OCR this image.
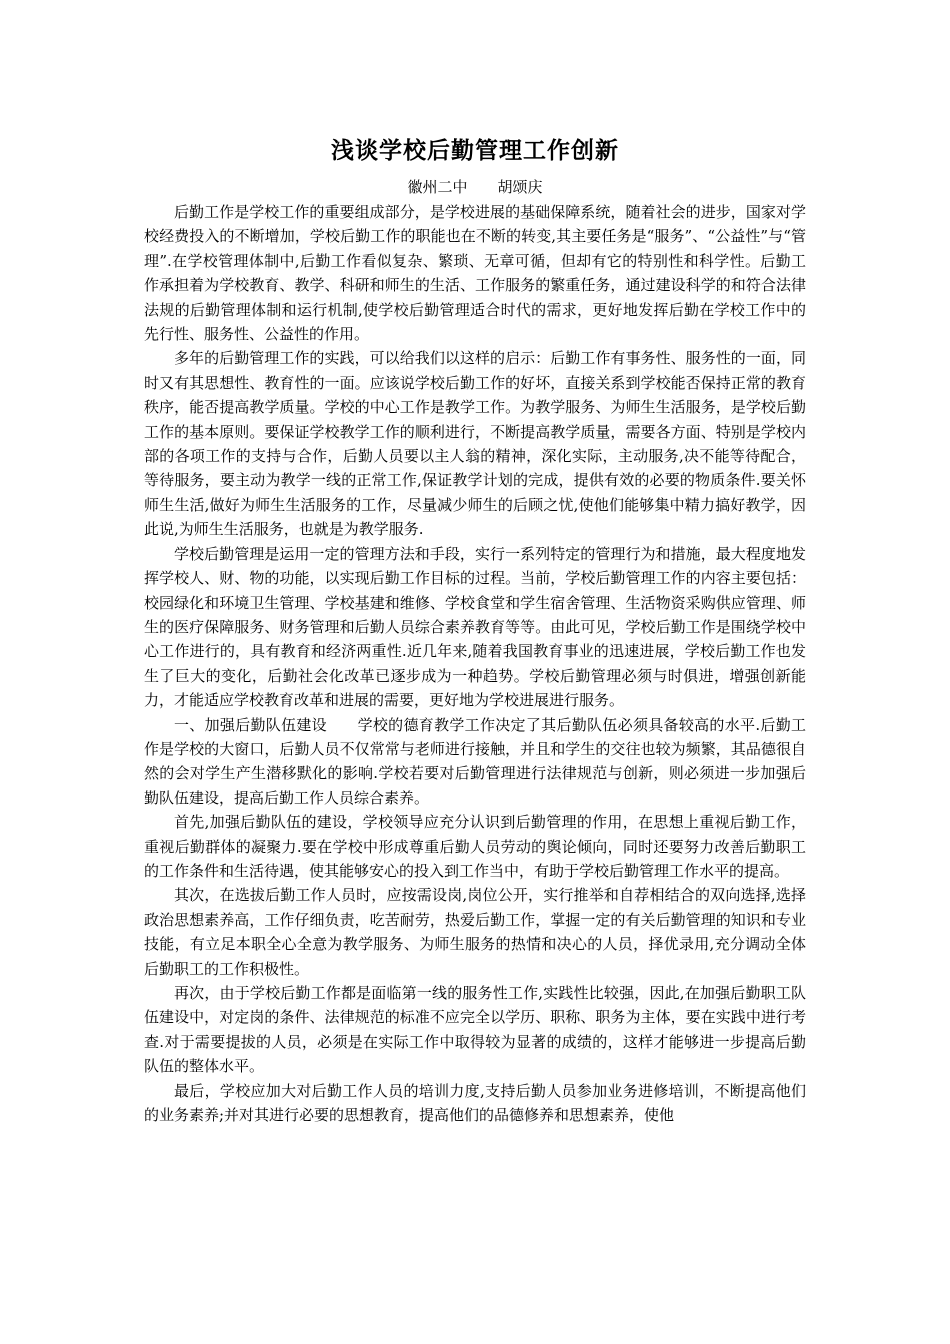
浅谈学校后勤管理工作创新
徽州二中　　胡颂庆

后勤工作是学校工作的重要组成部分，是学校进展的基础保障系统，随着社会的进步，国家对学校经费投入的不断增加，学校后勤工作的职能也在不断的转变,其主要任务是“服务”、“公益性”与“管理”.在学校管理体制中,后勤工作看似复杂、繁琐、无章可循，但却有它的特别性和科学性。后勤工作承担着为学校教育、教学、科研和师生的生活、工作服务的繁重任务，通过建设科学的和符合法律法规的后勤管理体制和运行机制,使学校后勤管理适合时代的需求，更好地发挥后勤在学校工作中的先行性、服务性、公益性的作用。

多年的后勤管理工作的实践，可以给我们以这样的启示：后勤工作有事务性、服务性的一面，同时又有其思想性、教育性的一面。应该说学校后勤工作的好坏，直接关系到学校能否保持正常的教育秩序，能否提高教学质量。学校的中心工作是教学工作。为教学服务、为师生生活服务，是学校后勤工作的基本原则。要保证学校教学工作的顺利进行，不断提高教学质量，需要各方面、特别是学校内部的各项工作的支持与合作，后勤人员要以主人翁的精神，深化实际，主动服务,决不能等待配合，等待服务，要主动为教学一线的正常工作,保证教学计划的完成，提供有效的必要的物质条件.要关怀师生生活,做好为师生生活服务的工作，尽量减少师生的后顾之忧,使他们能够集中精力搞好教学，因此说,为师生生活服务，也就是为教学服务.

学校后勤管理是运用一定的管理方法和手段，实行一系列特定的管理行为和措施，最大程度地发挥学校人、财、物的功能，以实现后勤工作目标的过程。当前，学校后勤管理工作的内容主要包括：校园绿化和环境卫生管理、学校基建和维修、学校食堂和学生宿舍管理、生活物资采购供应管理、师生的医疗保障服务、财务管理和后勤人员综合素养教育等等。由此可见，学校后勤工作是围绕学校中心工作进行的，具有教育和经济两重性.近几年来,随着我国教育事业的迅速进展，学校后勤工作也发生了巨大的变化，后勤社会化改革已逐步成为一种趋势。学校后勤管理必须与时俱进，增强创新能力，才能适应学校教育改革和进展的需要，更好地为学校进展进行服务。

一、加强后勤队伍建设　　学校的德育教学工作决定了其后勤队伍必须具备较高的水平.后勤工作是学校的大窗口，后勤人员不仅常常与老师进行接触，并且和学生的交往也较为频繁，其品德很自然的会对学生产生潜移默化的影响.学校若要对后勤管理进行法律规范与创新，则必须进一步加强后勤队伍建设，提高后勤工作人员综合素养。

首先,加强后勤队伍的建设，学校领导应充分认识到后勤管理的作用，在思想上重视后勤工作，重视后勤群体的凝聚力.要在学校中形成尊重后勤人员劳动的舆论倾向，同时还要努力改善后勤职工的工作条件和生活待遇，使其能够安心的投入到工作当中，有助于学校后勤管理工作水平的提高。

其次，在选拔后勤工作人员时，应按需设岗,岗位公开，实行推举和自荐相结合的双向选择,选择政治思想素养高，工作仔细负责，吃苦耐劳，热爱后勤工作，掌握一定的有关后勤管理的知识和专业技能，有立足本职全心全意为教学服务、为师生服务的热情和决心的人员，择优录用,充分调动全体后勤职工的工作积极性。

再次，由于学校后勤工作都是面临第一线的服务性工作,实践性比较强，因此,在加强后勤职工队伍建设中，对定岗的条件、法律规范的标准不应完全以学历、职称、职务为主体，要在实践中进行考查.对于需要提拔的人员，必须是在实际工作中取得较为显著的成绩的，这样才能够进一步提高后勤队伍的整体水平。

最后，学校应加大对后勤工作人员的培训力度,支持后勤人员参加业务进修培训，不断提高他们的业务素养;并对其进行必要的思想教育，提高他们的品德修养和思想素养，使他
